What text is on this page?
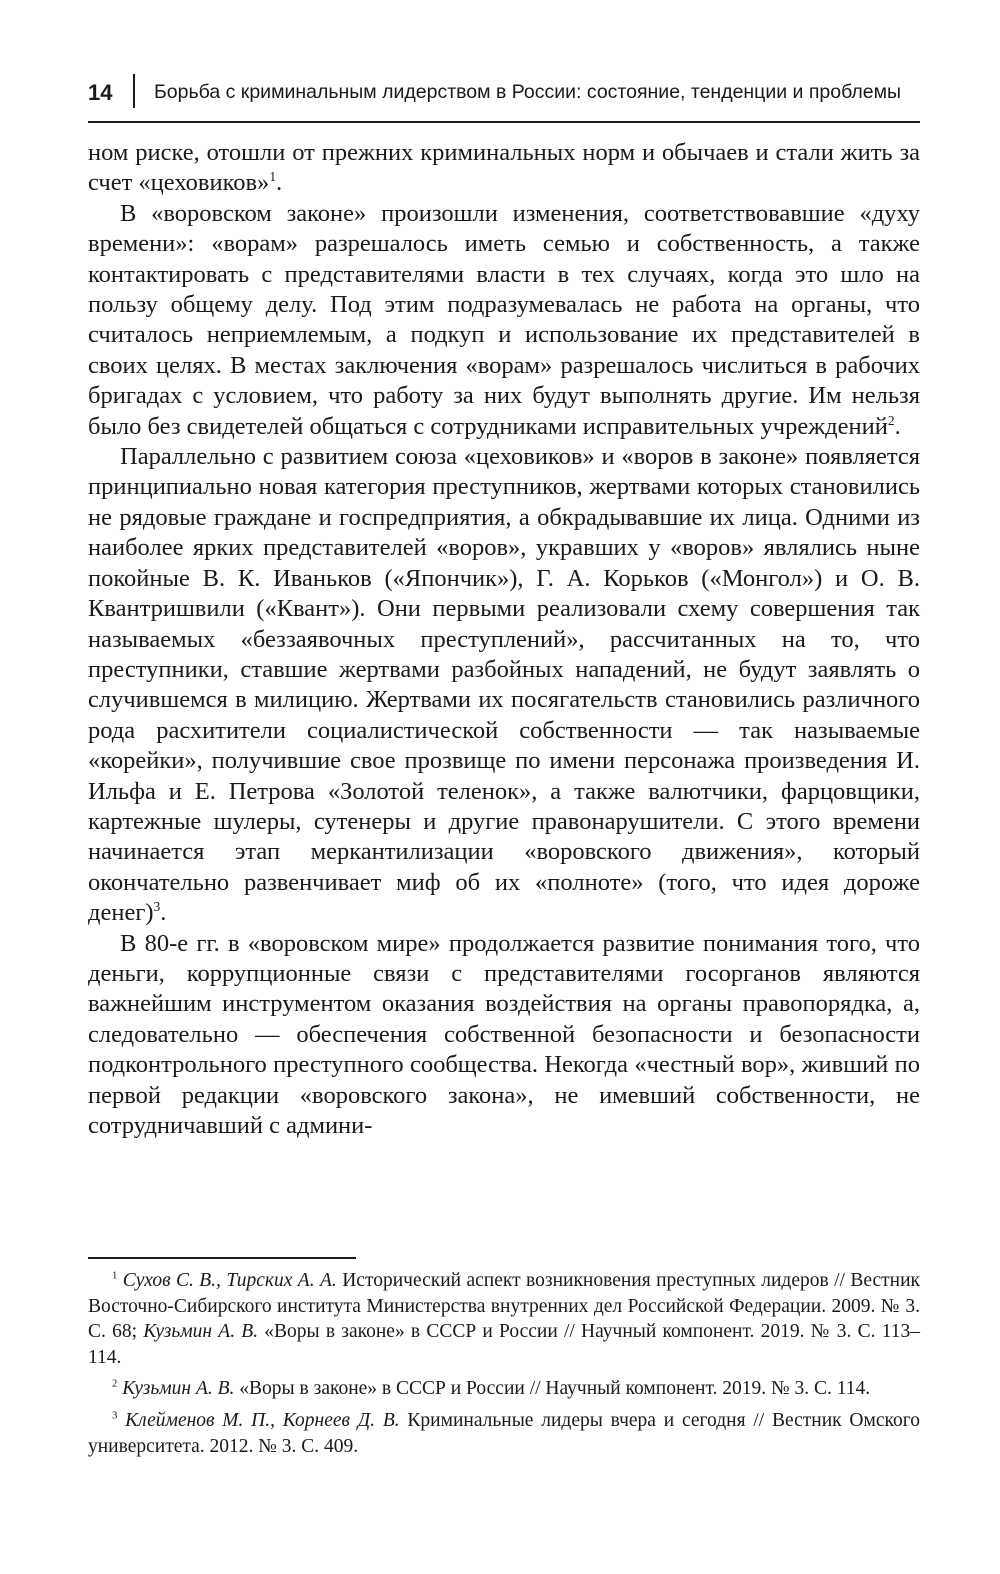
14 Борьба с криминальным лидерством в России: состояние, тенденции и проблемы

ном риске, отошли от прежних криминальных норм и обычаев и стали жить за счет «цеховиков»$^1$.

В «воровском законе» произошли изменения, соответствовавшие «духу времени»: «ворам» разрешалось иметь семью и собственность, а также контактировать с представителями власти в тех случаях, когда это шло на пользу общему делу. Под этим подразумевалась не работа на органы, что считалось неприемлемым, а подкуп и использование их представителей в своих целях. В местах заключения «ворам» разрешалось числиться в рабочих бригадах с условием, что работу за них будут выполнять другие. Им нельзя было без свидетелей общаться с сотрудниками исправительных учреждений$^2$.

Параллельно с развитием союза «цеховиков» и «воров в законе» появляется принципиально новая категория преступников, жертвами которых становились не рядовые граждане и госпредприятия, а обкрадывавшие их лица. Одними из наиболее ярких представителей «воров», укравших у «воров» являлись ныне покойные В. К. Иваньков («Япончик»), Г. А. Корьков («Монгол») и О. В. Квантришвили («Квант»). Они первыми реализовали схему совершения так называемых «беззаявочных преступлений», рассчитанных на то, что преступники, ставшие жертвами разбойных нападений, не будут заявлять о случившемся в милицию. Жертвами их посягательств становились различного рода расхитители социалистической собственности — так называемые «корейки», получившие свое прозвище по имени персонажа произведения И. Ильфа и Е. Петрова «Золотой теленок», а также валютчики, фарцовщики, картежные шулеры, сутенеры и другие правонарушители. С этого времени начинается этап меркантилизации «воровского движения», который окончательно развенчивает миф об их «полноте» (того, что идея дороже денег)$^3$.

В 80-е гг. в «воровском мире» продолжается развитие понимания того, что деньги, коррупционные связи с представителями госорганов являются важнейшим инструментом оказания воздействия на органы правопорядка, а, следовательно — обеспечения собственной безопасности и безопасности подконтрольного преступного сообщества. Некогда «честный вор», живший по первой редакции «воровского закона», не имевший собственности, не сотрудничавший с админи-

$^1$ Сухов С. В., Тирских А. А. Исторический аспект возникновения преступных лидеров // Вестник Восточно-Сибирского института Министерства внутренних дел Российской Федерации. 2009. № 3. С. 68; Кузьмин А. В. «Воры в законе» в СССР и России // Научный компонент. 2019. № 3. С. 113–114.

$^2$ Кузьмин А. В. «Воры в законе» в СССР и России // Научный компонент. 2019. № 3. С. 114.

$^3$ Клейменов М. П., Корнеев Д. В. Криминальные лидеры вчера и сегодня // Вестник Омского университета. 2012. № 3. С. 409.
